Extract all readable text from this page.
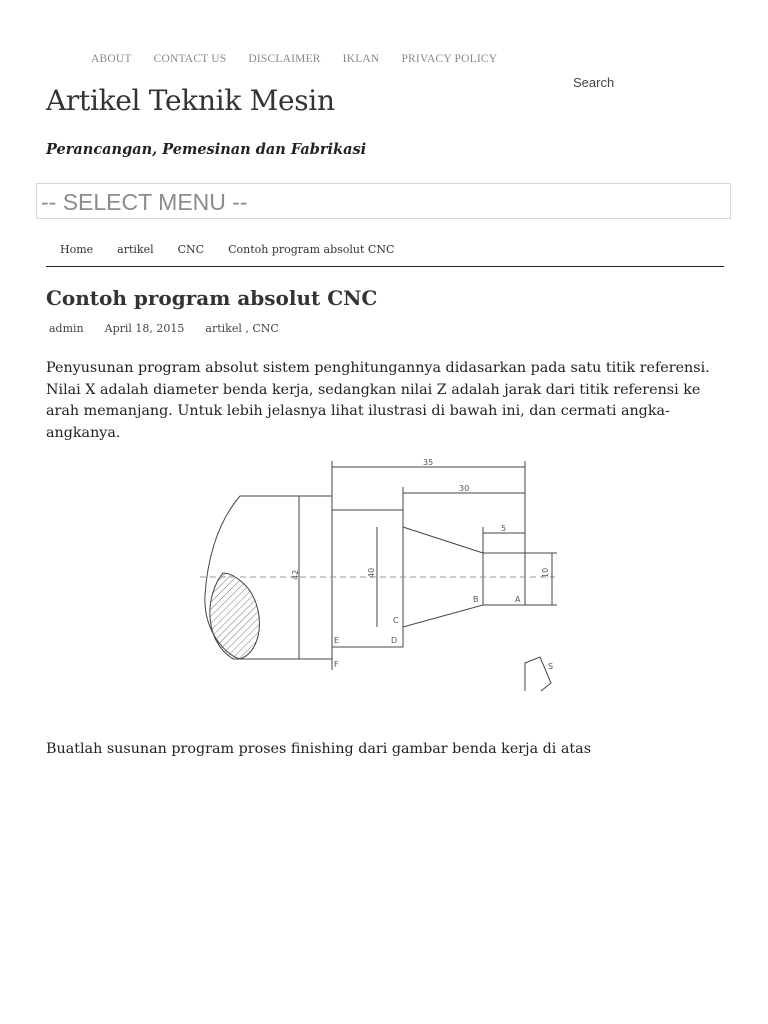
ABOUT CONTACT US DISCLAIMER IKLAN PRIVACY POLICY
Search
Artikel Teknik Mesin

Perancangan, Pemesinan dan Fabrikasi

-- SELECT MENU --
Home artikel CNC Contoh program absolut CNC
Contoh program absolut CNC
admin April 18, 2015 artikel , CNC

Penyusunan program absolut sistem penghitungannya didasarkan pada satu titik referensi. Nilai X adalah diameter benda kerja, sedangkan nilai Z adalah jarak dari titik referensi ke arah memanjang. Untuk lebih jelasnya lihat ilustrasi di bawah ini, dan cermati angka-angkanya.

35
30
5
42	40	10
A
B
C
D
E
F	S

Buatlah susunan program proses finishing dari gambar benda kerja di atas
